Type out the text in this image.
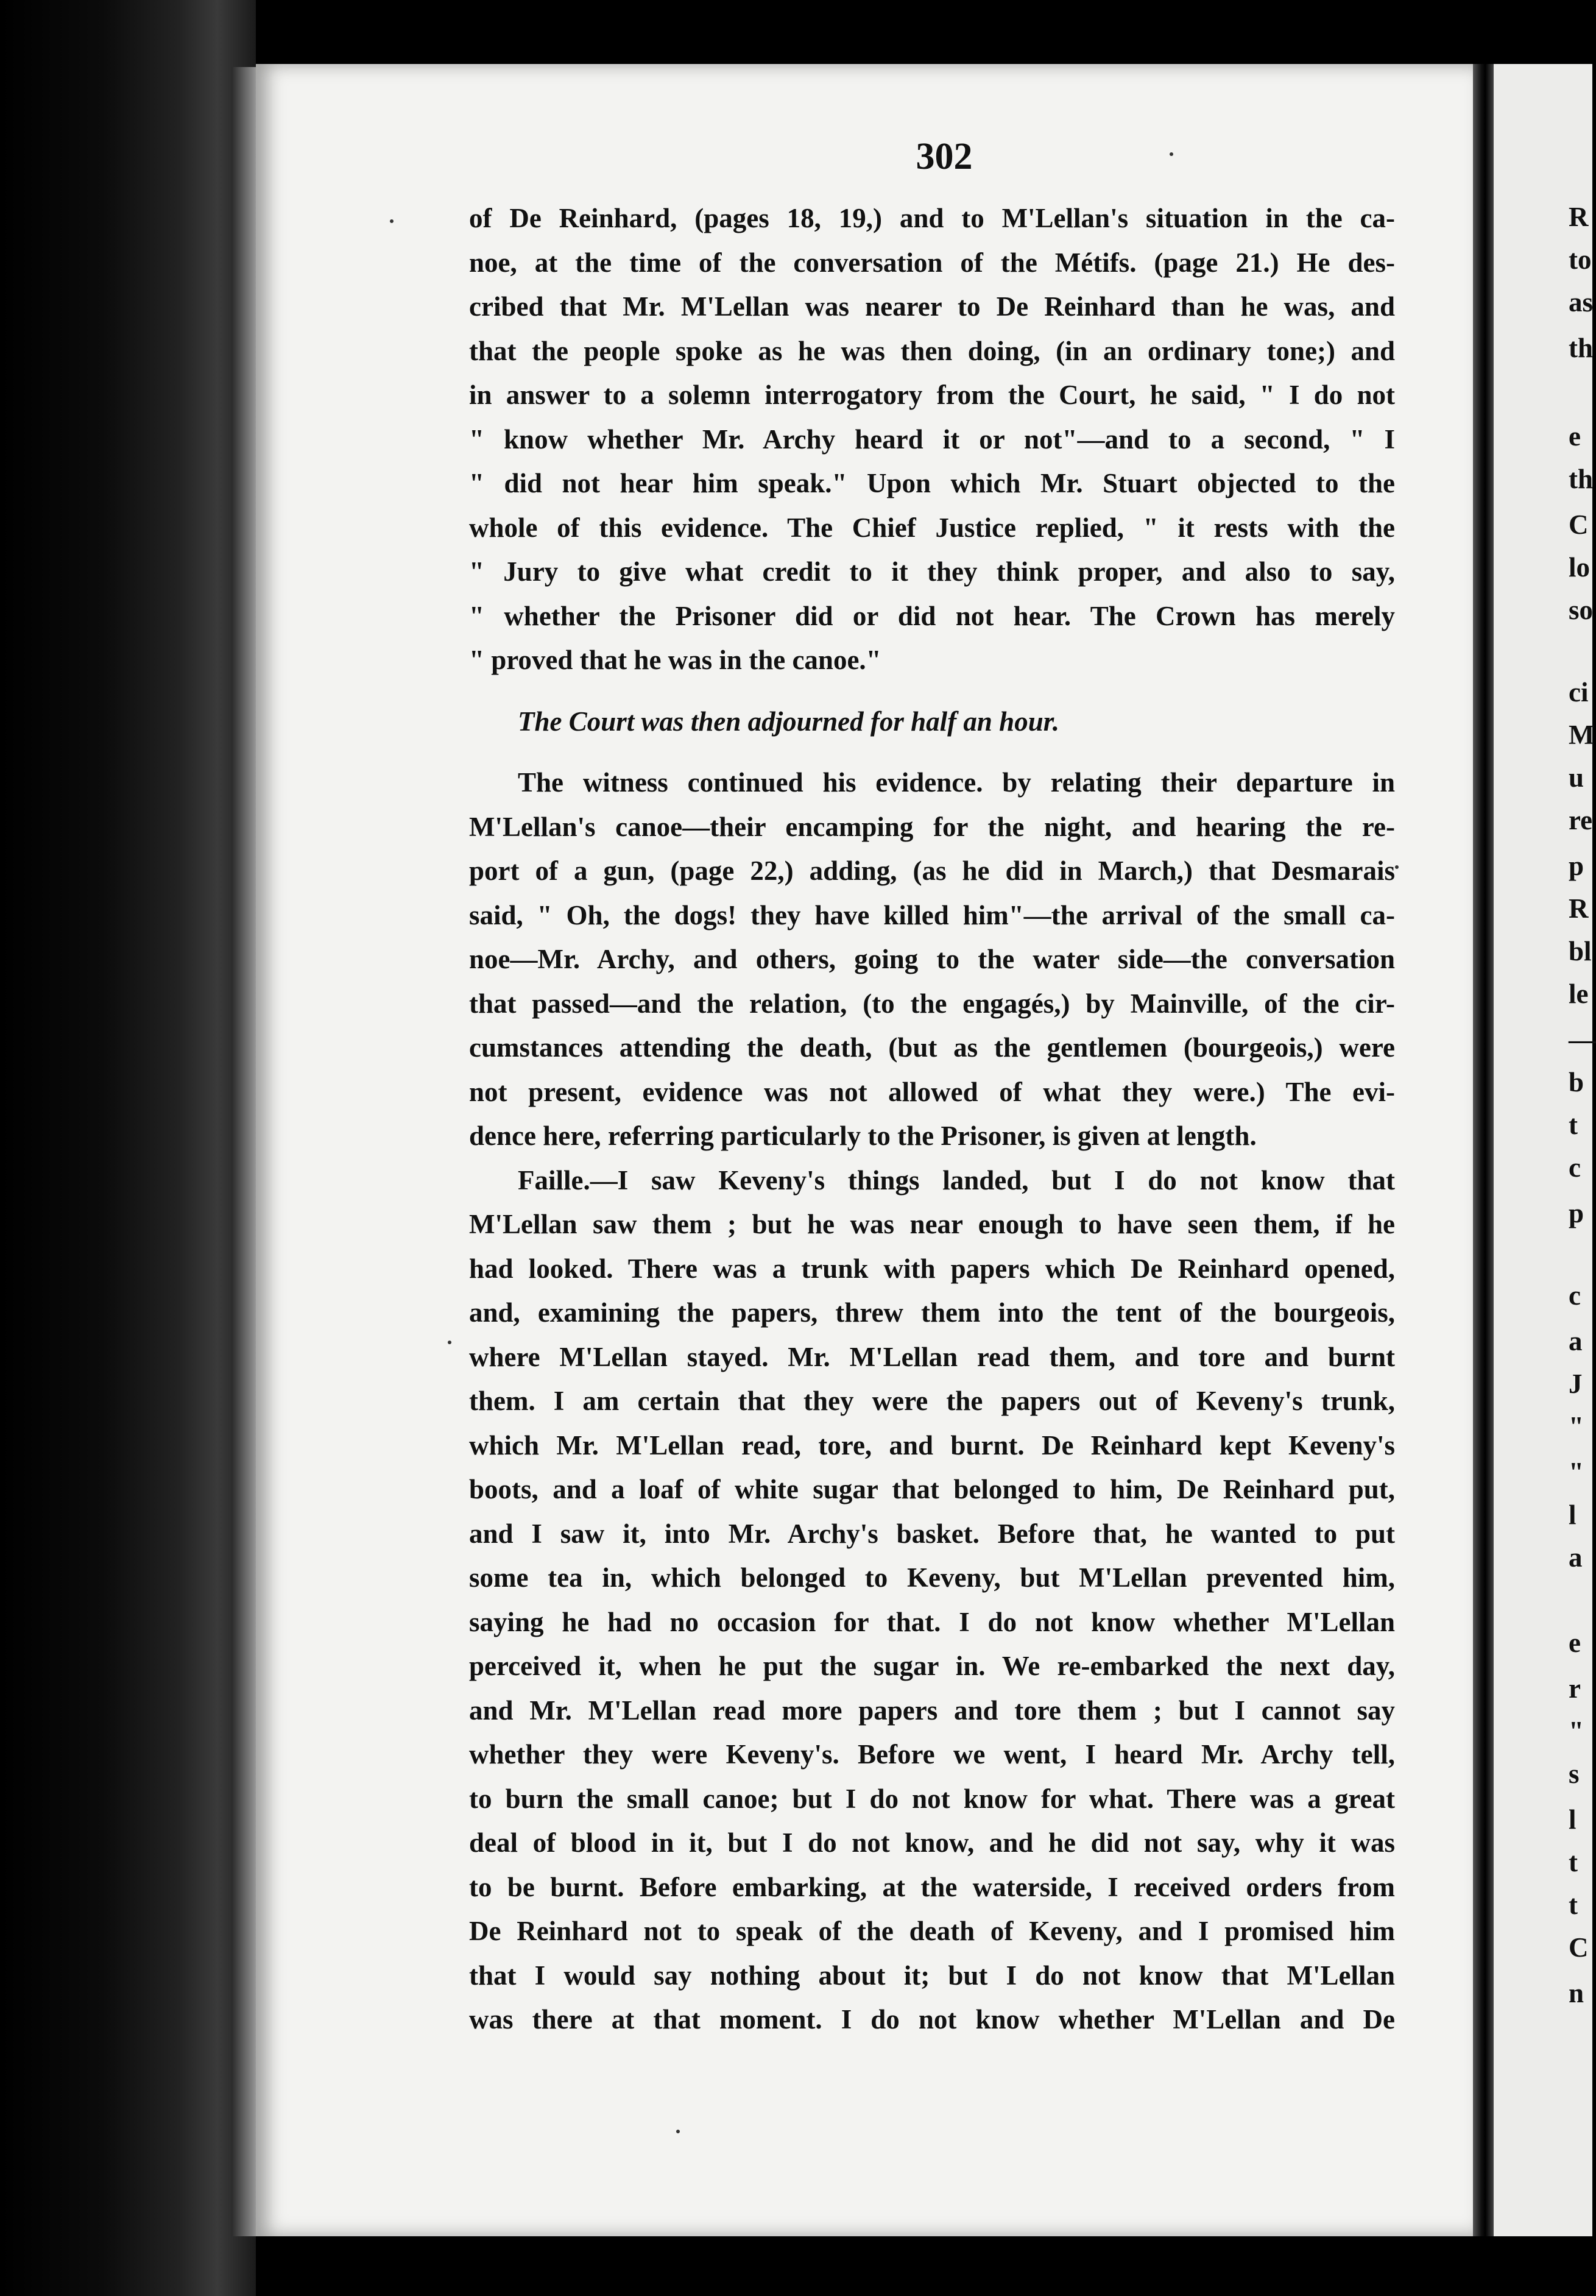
302
of De Reinhard, (pages 18, 19,) and to M'Lellan's situation in the ca-
noe, at the time of the conversation of the Métifs. (page 21.) He des-
cribed that Mr. M'Lellan was nearer to De Reinhard than he was, and
that the people spoke as he was then doing, (in an ordinary tone;) and
in answer to a solemn interrogatory from the Court, he said, " I do not
" know whether Mr. Archy heard it or not"—and to a second, " I
" did not hear him speak." Upon which Mr. Stuart objected to the
whole of this evidence. The Chief Justice replied, " it rests with the
" Jury to give what credit to it they think proper, and also to say,
" whether the Prisoner did or did not hear. The Crown has merely
" proved that he was in the canoe."
The Court was then adjourned for half an hour.
The witness continued his evidence. by relating their departure in
M'Lellan's canoe—their encamping for the night, and hearing the re-
port of a gun, (page 22,) adding, (as he did in March,) that Desmarais
said, " Oh, the dogs! they have killed him"—the arrival of the small ca-
noe—Mr. Archy, and others, going to the water side—the conversation
that passed—and the relation, (to the engagés,) by Mainville, of the cir-
cumstances attending the death, (but as the gentlemen (bourgeois,) were
not present, evidence was not allowed of what they were.) The evi-
dence here, referring particularly to the Prisoner, is given at length.
Faille.—I saw Keveny's things landed, but I do not know that
M'Lellan saw them ; but he was near enough to have seen them, if he
had looked. There was a trunk with papers which De Reinhard opened,
and, examining the papers, threw them into the tent of the bourgeois,
where M'Lellan stayed. Mr. M'Lellan read them, and tore and burnt
them. I am certain that they were the papers out of Keveny's trunk,
which Mr. M'Lellan read, tore, and burnt. De Reinhard kept Keveny's
boots, and a loaf of white sugar that belonged to him, De Reinhard put,
and I saw it, into Mr. Archy's basket. Before that, he wanted to put
some tea in, which belonged to Keveny, but M'Lellan prevented him,
saying he had no occasion for that. I do not know whether M'Lellan
perceived it, when he put the sugar in. We re-embarked the next day,
and Mr. M'Lellan read more papers and tore them ; but I cannot say
whether they were Keveny's. Before we went, I heard Mr. Archy tell,
to burn the small canoe; but I do not know for what. There was a great
deal of blood in it, but I do not know, and he did not say, why it was
to be burnt. Before embarking, at the waterside, I received orders from
De Reinhard not to speak of the death of Keveny, and I promised him
that I would say nothing about it; but I do not know that M'Lellan
was there at that moment. I do not know whether M'Lellan and De
R
to
as
th
e
th
C
lo
so
ci
M
u
re
p
R
bl
le
—
b
t
c
p
c
a
J
"
"
l
a
e
r
"
s
l
t
t
C
n
